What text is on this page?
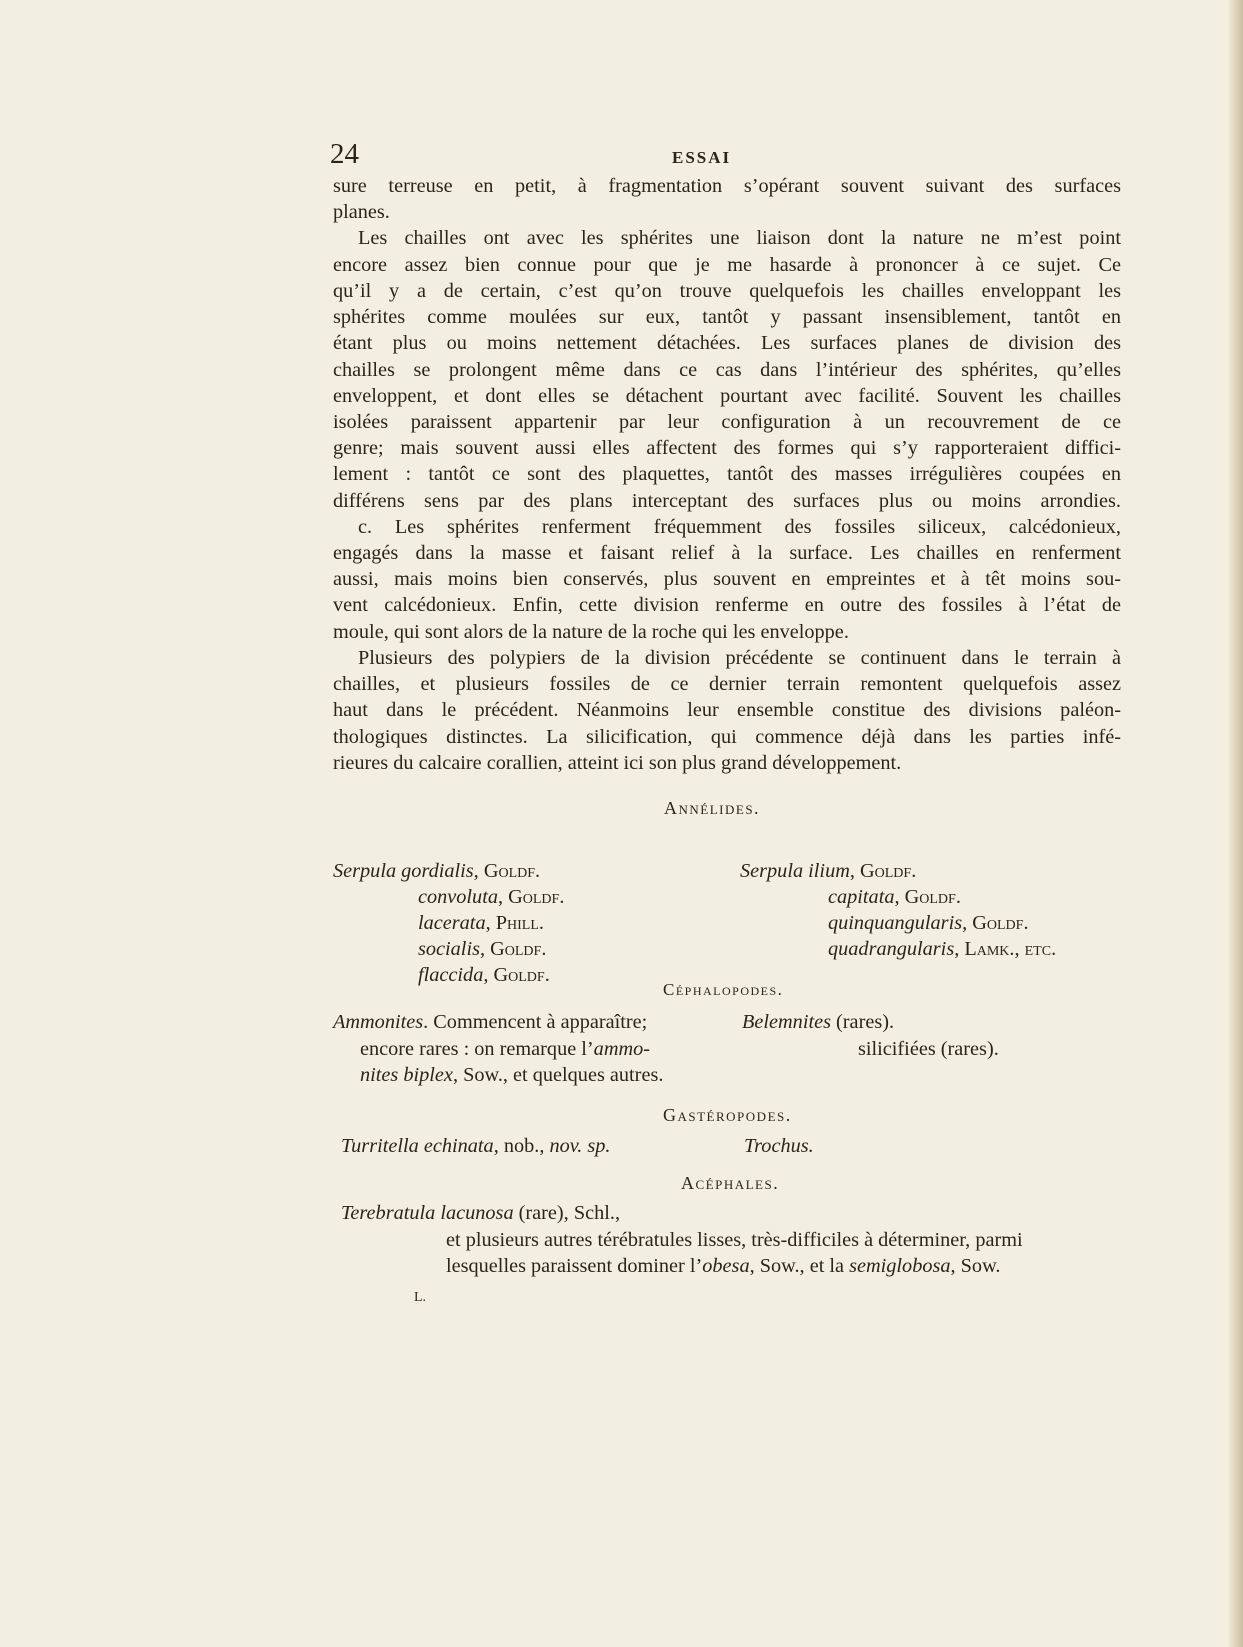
24	ESSAI
sure terreuse en petit, à fragmentation s’opérant souvent suivant des surfaces
planes.
Les chailles ont avec les sphérites une liaison dont la nature ne m’est point
encore assez bien connue pour que je me hasarde à prononcer à ce sujet. Ce
qu’il y a de certain, c’est qu’on trouve quelquefois les chailles enveloppant les
sphérites comme moulées sur eux, tantôt y passant insensiblement, tantôt en
étant plus ou moins nettement détachées. Les surfaces planes de division des
chailles se prolongent même dans ce cas dans l’intérieur des sphérites, qu’elles
enveloppent, et dont elles se détachent pourtant avec facilité. Souvent les chailles
isolées paraissent appartenir par leur configuration à un recouvrement de ce
genre; mais souvent aussi elles affectent des formes qui s’y rapporteraient diffici-
lement : tantôt ce sont des plaquettes, tantôt des masses irrégulières coupées en
différens sens par des plans interceptant des surfaces plus ou moins arrondies.
c. Les sphérites renferment fréquemment des fossiles siliceux, calcédonieux,
engagés dans la masse et faisant relief à la surface. Les chailles en renferment
aussi, mais moins bien conservés, plus souvent en empreintes et à têt moins sou-
vent calcédonieux. Enfin, cette division renferme en outre des fossiles à l’état de
moule, qui sont alors de la nature de la roche qui les enveloppe.
Plusieurs des polypiers de la division précédente se continuent dans le terrain à
chailles, et plusieurs fossiles de ce dernier terrain remontent quelquefois assez
haut dans le précédent. Néanmoins leur ensemble constitue des divisions paléon-
thologiques distinctes. La silicification, qui commence déjà dans les parties infé-
rieures du calcaire corallien, atteint ici son plus grand développement.
Annélides.
Serpula gordialis, Goldf.
convoluta, Goldf.
lacerata, Phill.
socialis, Goldf.
flaccida, Goldf.
Serpula ilium, Goldf.
capitata, Goldf.
quinquangularis, Goldf.
quadrangularis, Lamk., etc.
Céphalopodes.
Ammonites. Commencent à apparaître;
encore rares : on remarque l’ammo-
nites biplex, Sow., et quelques autres.
Belemnites (rares).
silicifiées (rares).
Gastéropodes.
Turritella echinata, nob., nov. sp.	Trochus.
Acéphales.
Terebratula lacunosa (rare), Schl.,
et plusieurs autres térébratules lisses, très-difficiles à déterminer, parmi
lesquelles paraissent dominer l’obesa, Sow., et la semiglobosa, Sow.
L.
